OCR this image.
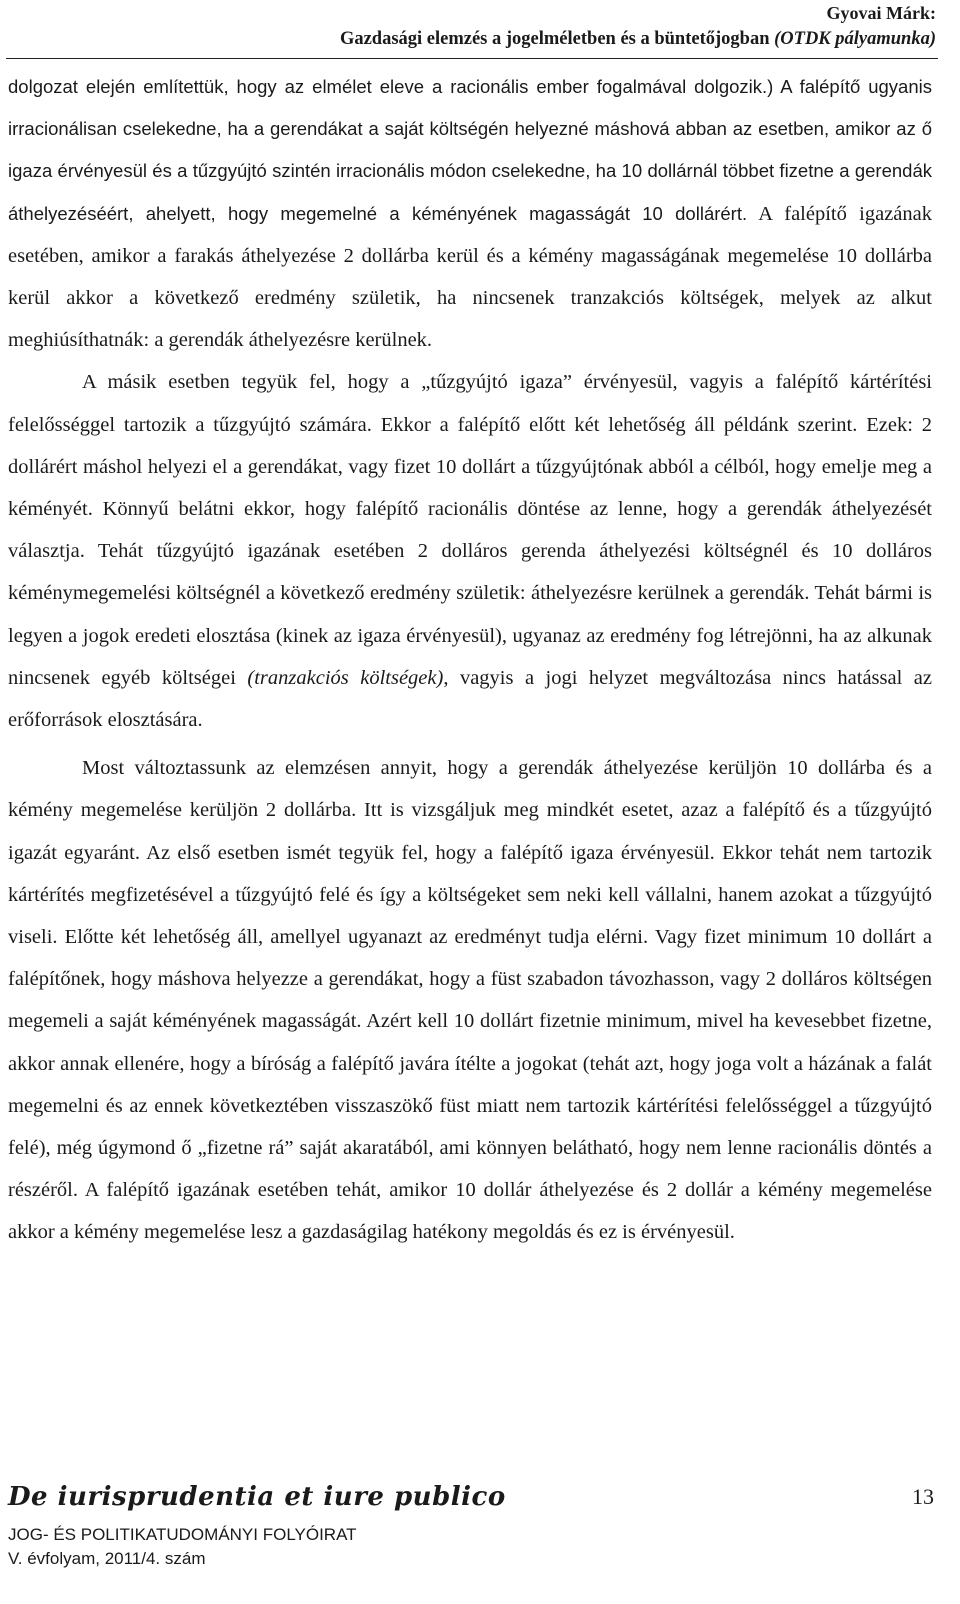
Gyovai Márk:
Gazdasági elemzés a jogelméletben és a büntetőjogban (OTDK pályamunka)

dolgozat elején említettük, hogy az elmélet eleve a racionális ember fogalmával dolgozik.) A falépítő ugyanis irracionálisan cselekedne, ha a gerendákat a saját költségén helyezné máshová abban az esetben, amikor az ő igaza érvényesül és a tűzgyújtó szintén irracionális módon cselekedne, ha 10 dollárnál többet fizetne a gerendák áthelyezéséért, ahelyett, hogy megemelné a kéményének magasságát 10 dollárért. A falépítő igazának esetében, amikor a farakás áthelyezése 2 dollárba kerül és a kémény magasságának megemelése 10 dollárba kerül akkor a következő eredmény születik, ha nincsenek tranzakciós költségek, melyek az alkut meghiúsíthatnák: a gerendák áthelyezésre kerülnek.

A másik esetben tegyük fel, hogy a „tűzgyújtó igaza” érvényesül, vagyis a falépítő kártérítési felelősséggel tartozik a tűzgyújtó számára. Ekkor a falépítő előtt két lehetőség áll példánk szerint. Ezek: 2 dollárért máshol helyezi el a gerendákat, vagy fizet 10 dollárt a tűzgyújtónak abból a célból, hogy emelje meg a kéményét. Könnyű belátni ekkor, hogy falépítő racionális döntése az lenne, hogy a gerendák áthelyezését választja. Tehát tűzgyújtó igazának esetében 2 dolláros gerenda áthelyezési költségnél és 10 dolláros kéménymegemelési költségnél a következő eredmény születik: áthelyezésre kerülnek a gerendák. Tehát bármi is legyen a jogok eredeti elosztása (kinek az igaza érvényesül), ugyanaz az eredmény fog létrejönni, ha az alkunak nincsenek egyéb költségei (tranzakciós költségek), vagyis a jogi helyzet megváltozása nincs hatással az erőforrások elosztására.

Most változtassunk az elemzésen annyit, hogy a gerendák áthelyezése kerüljön 10 dollárba és a kémény megemelése kerüljön 2 dollárba. Itt is vizsgáljuk meg mindkét esetet, azaz a falépítő és a tűzgyújtó igazát egyaránt. Az első esetben ismét tegyük fel, hogy a falépítő igaza érvényesül. Ekkor tehát nem tartozik kártérítés megfizetésével a tűzgyújtó felé és így a költségeket sem neki kell vállalni, hanem azokat a tűzgyújtó viseli. Előtte két lehetőség áll, amellyel ugyanazt az eredményt tudja elérni. Vagy fizet minimum 10 dollárt a falépítőnek, hogy máshova helyezze a gerendákat, hogy a füst szabadon távozhasson, vagy 2 dolláros költségen megemeli a saját kéményének magasságát. Azért kell 10 dollárt fizetnie minimum, mivel ha kevesebbet fizetne, akkor annak ellenére, hogy a bíróság a falépítő javára ítélte a jogokat (tehát azt, hogy joga volt a házának a falát megemelni és az ennek következtében visszaszökő füst miatt nem tartozik kártérítési felelősséggel a tűzgyújtó felé), még úgymond ő „fizetne rá” saját akaratából, ami könnyen belátható, hogy nem lenne racionális döntés a részéről. A falépítő igazának esetében tehát, amikor 10 dollár áthelyezése és 2 dollár a kémény megemelése akkor a kémény megemelése lesz a gazdaságilag hatékony megoldás és ez is érvényesül.

De iurisprudentia et iure publico
JOG- ÉS POLITIKATUDOMÁNYI FOLYÓIRAT
V. évfolyam, 2011/4. szám
13
